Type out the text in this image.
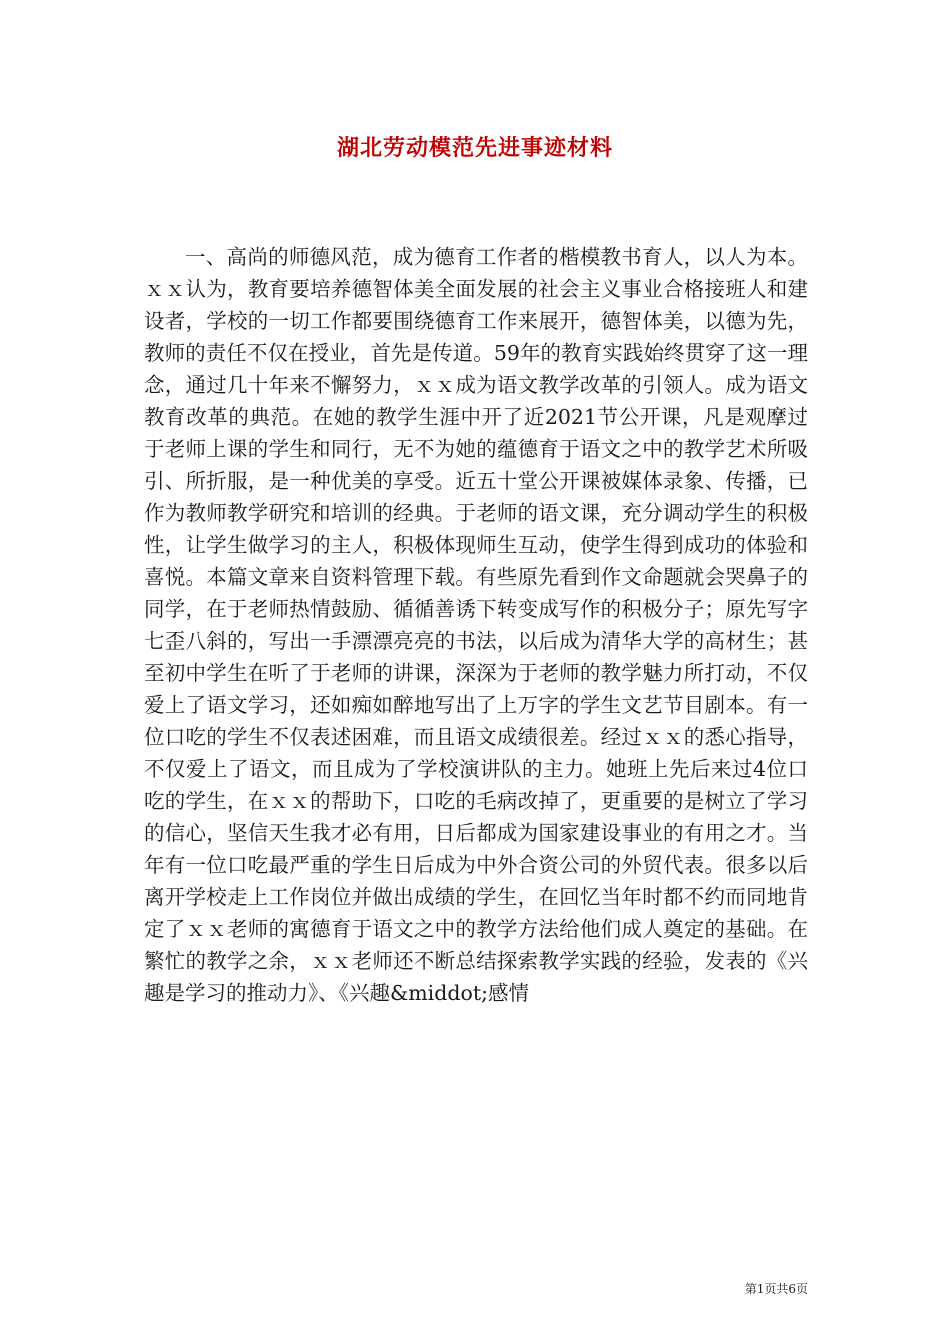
湖北劳动模范先进事迹材料

一、高尚的师德风范，成为德育工作者的楷模教书育人，以人为本。ｘｘ认为，教育要培养德智体美全面发展的社会主义事业合格接班人和建设者，学校的一切工作都要围绕德育工作来展开，德智体美，以德为先，教师的责任不仅在授业，首先是传道。59年的教育实践始终贯穿了这一理念，通过几十年来不懈努力，ｘｘ成为语文教学改革的引领人。成为语文教育改革的典范。在她的教学生涯中开了近2021节公开课，凡是观摩过于老师上课的学生和同行，无不为她的蕴德育于语文之中的教学艺术所吸引、所折服，是一种优美的享受。近五十堂公开课被媒体录象、传播，已作为教师教学研究和培训的经典。于老师的语文课，充分调动学生的积极性，让学生做学习的主人，积极体现师生互动，使学生得到成功的体验和喜悦。本篇文章来自资料管理下载。有些原先看到作文命题就会哭鼻子的同学，在于老师热情鼓励、循循善诱下转变成写作的积极分子；原先写字七歪八斜的，写出一手漂漂亮亮的书法，以后成为清华大学的高材生；甚至初中学生在听了于老师的讲课，深深为于老师的教学魅力所打动，不仅爱上了语文学习，还如痴如醉地写出了上万字的学生文艺节目剧本。有一位口吃的学生不仅表述困难，而且语文成绩很差。经过ｘｘ的悉心指导，不仅爱上了语文，而且成为了学校演讲队的主力。她班上先后来过4位口吃的学生，在ｘｘ的帮助下，口吃的毛病改掉了，更重要的是树立了学习的信心，坚信天生我才必有用，日后都成为国家建设事业的有用之才。当年有一位口吃最严重的学生日后成为中外合资公司的外贸代表。很多以后离开学校走上工作岗位并做出成绩的学生，在回忆当年时都不约而同地肯定了ｘｘ老师的寓德育于语文之中的教学方法给他们成人奠定的基础。在繁忙的教学之余，ｘｘ老师还不断总结探索教学实践的经验，发表的《兴趣是学习的推动力》、《兴趣&middot;感情

第1页共6页
